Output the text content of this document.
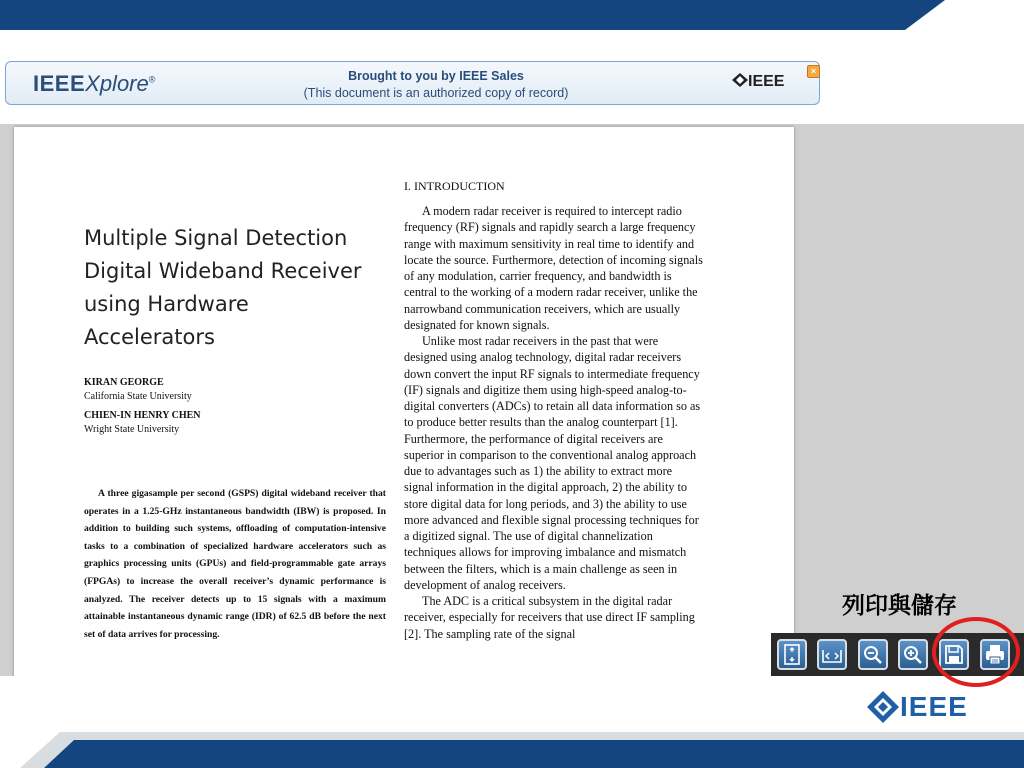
IEEEXplore®	Brought to you by IEEE Sales
(This document is an authorized copy of record)
IEEE
×
Multiple Signal Detection Digital Wideband Receiver using Hardware Accelerators
KIRAN GEORGE
California State University
CHIEN-IN HENRY CHEN
Wright State University

A three gigasample per second (GSPS) digital wideband receiver that operates in a 1.25-GHz instantaneous bandwidth (IBW) is proposed. In addition to building such systems, offloading of computation-intensive tasks to a combination of specialized hardware accelerators such as graphics processing units (GPUs) and field-programmable gate arrays (FPGAs) to increase the overall receiver’s dynamic performance is analyzed. The receiver detects up to 15 signals with a maximum attainable instantaneous dynamic range (IDR) of 62.5 dB before the next set of data arrives for processing.

I. INTRODUCTION

A modern radar receiver is required to intercept radio frequency (RF) signals and rapidly search a large frequency range with maximum sensitivity in real time to identify and locate the source. Furthermore, detection of incoming signals of any modulation, carrier frequency, and bandwidth is central to the working of a modern radar receiver, unlike the narrowband communication receivers, which are usually designated for known signals.

Unlike most radar receivers in the past that were designed using analog technology, digital radar receivers down convert the input RF signals to intermediate frequency (IF) signals and digitize them using high-speed analog-to-digital converters (ADCs) to retain all data information so as to produce better results than the analog counterpart [1]. Furthermore, the performance of digital receivers are superior in comparison to the conventional analog approach due to advantages such as 1) the ability to extract more signal information in the digital approach, 2) the ability to store digital data for long periods, and 3) the ability to use more advanced and flexible signal processing techniques for a digitized signal. The use of digital channelization techniques allows for improving imbalance and mismatch between the filters, which is a main challenge as seen in development of analog receivers.

The ADC is a critical subsystem in the digital radar receiver, especially for receivers that use direct IF sampling [2]. The sampling rate of the signal

列印與儲存
IEEE
